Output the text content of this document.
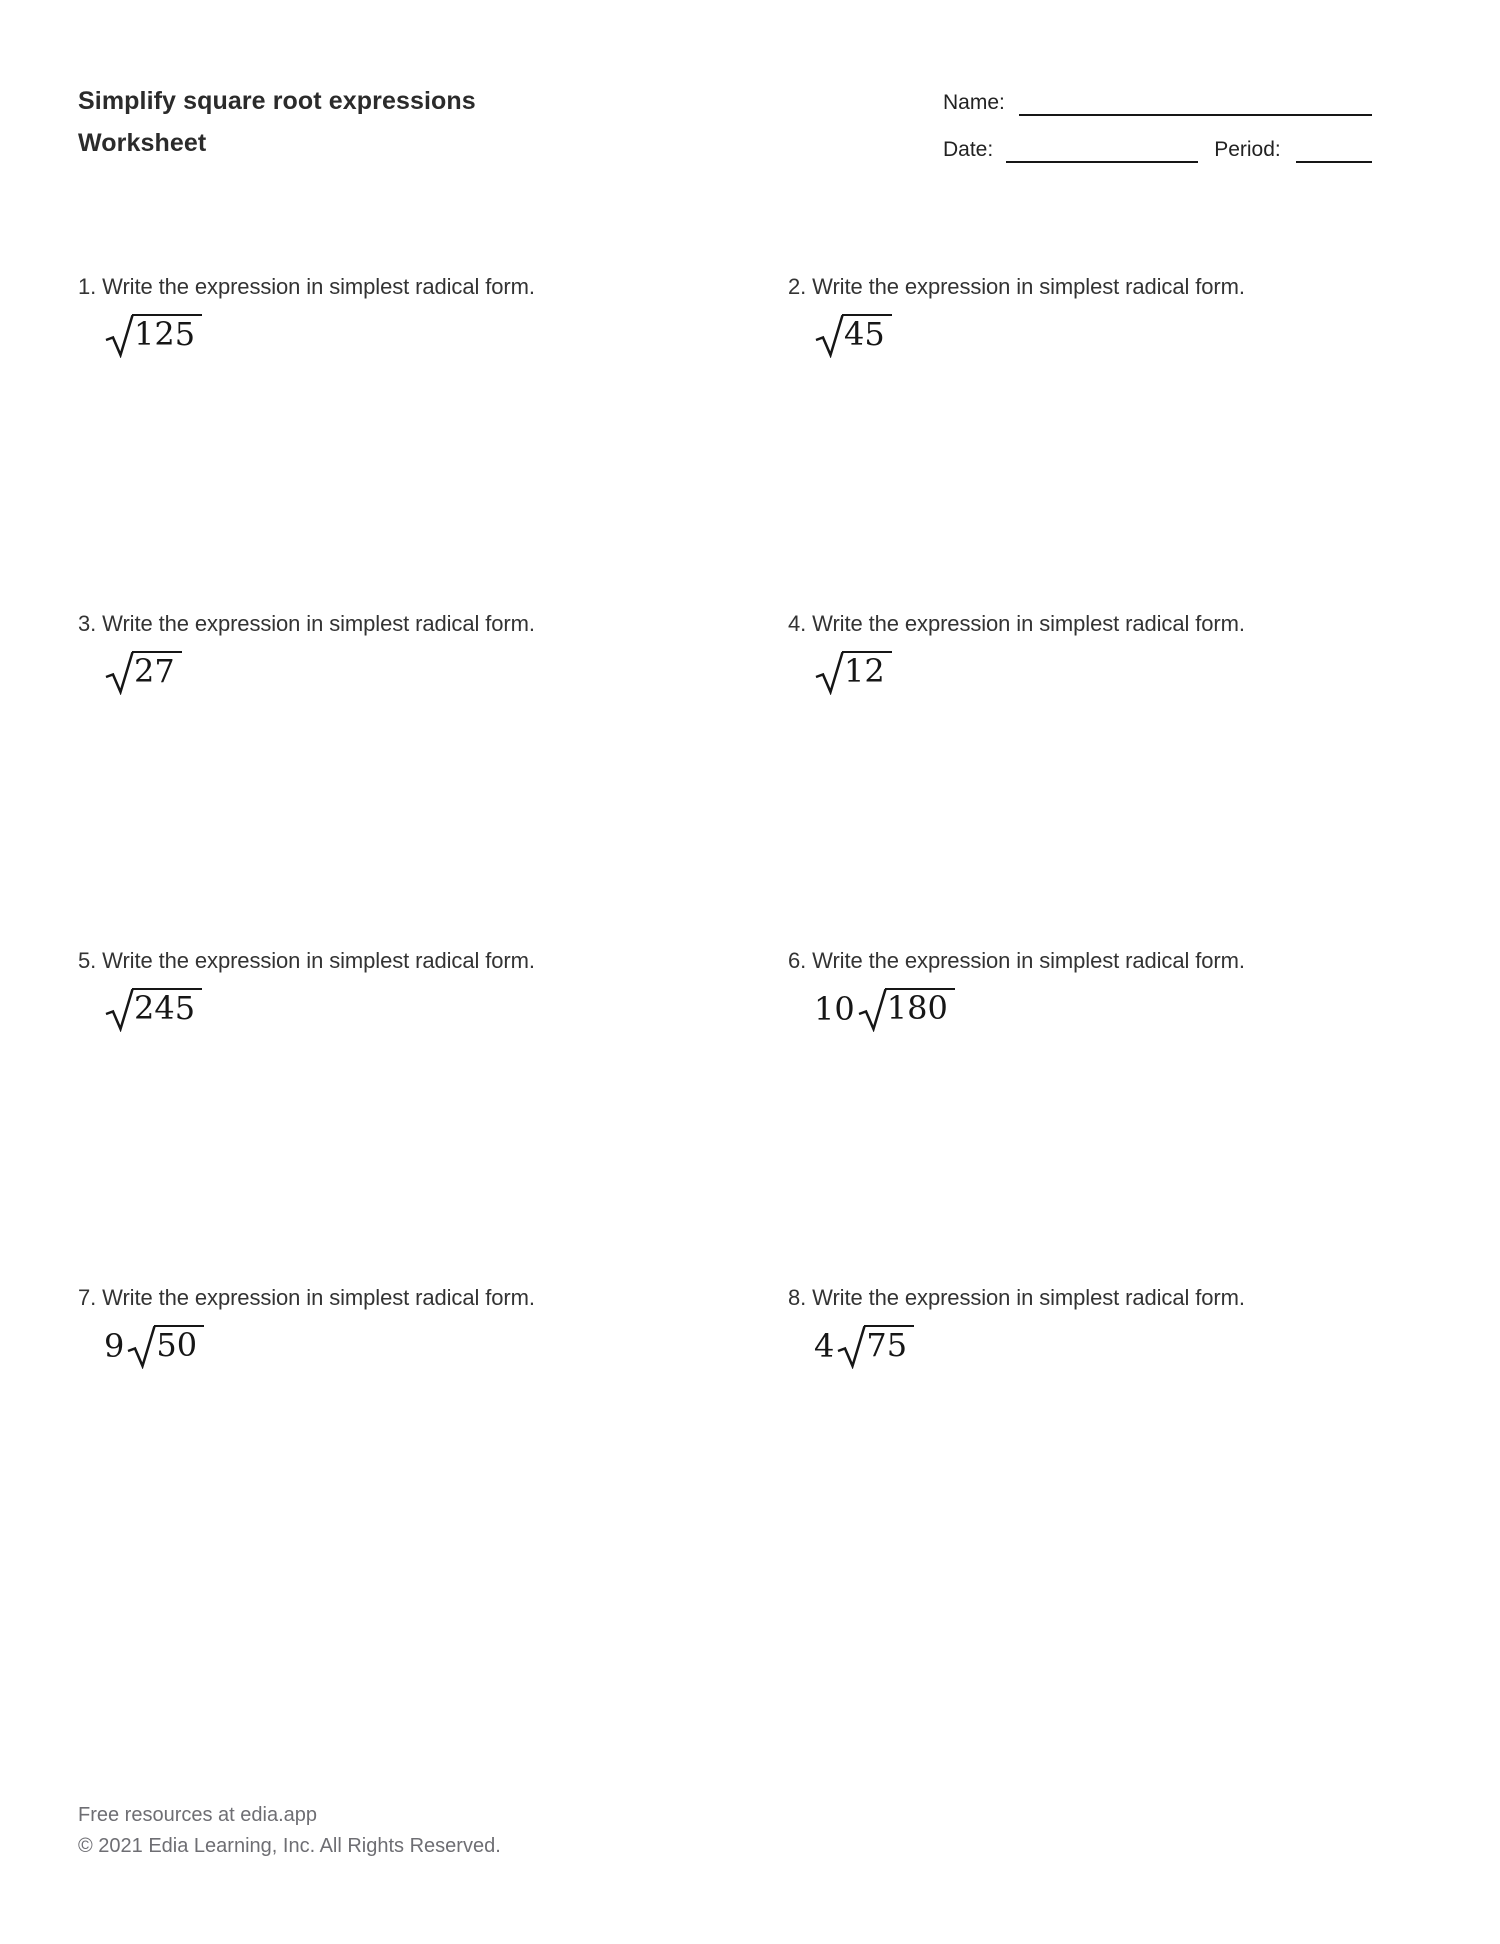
Simplify square root expressions
Worksheet
Name:
Date:	Period:

1. Write the expression in simplest radical form.

125

2. Write the expression in simplest radical form.

45

3. Write the expression in simplest radical form.

27

4. Write the expression in simplest radical form.

12

5. Write the expression in simplest radical form.

245

6. Write the expression in simplest radical form.

10 180

7. Write the expression in simplest radical form.

9 50

8. Write the expression in simplest radical form.

4 75
Free resources at edia.app
© 2021 Edia Learning, Inc. All Rights Reserved.
